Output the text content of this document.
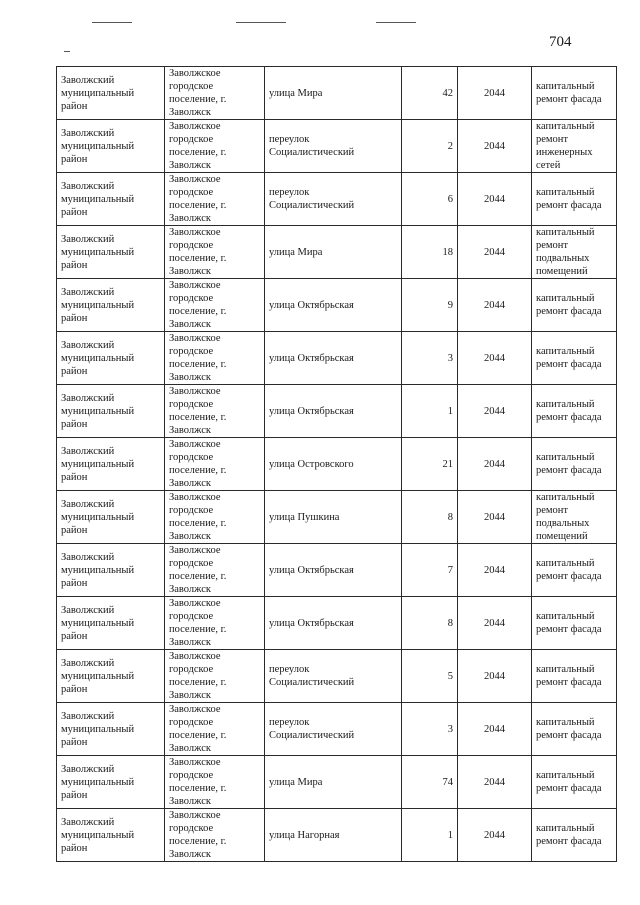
704
Заволжский муниципальный район	Заволжское городское поселение, г. Заволжск	улица Мира	42	2044	капитальный ремонт фасада
Заволжский муниципальный район	Заволжское городское поселение, г. Заволжск	переулок Социалистический	2	2044	капитальный ремонт инженерных сетей
Заволжский муниципальный район	Заволжское городское поселение, г. Заволжск	переулок Социалистический	6	2044	капитальный ремонт фасада
Заволжский муниципальный район	Заволжское городское поселение, г. Заволжск	улица Мира	18	2044	капитальный ремонт подвальных помещений
Заволжский муниципальный район	Заволжское городское поселение, г. Заволжск	улица Октябрьская	9	2044	капитальный ремонт фасада
Заволжский муниципальный район	Заволжское городское поселение, г. Заволжск	улица Октябрьская	3	2044	капитальный ремонт фасада
Заволжский муниципальный район	Заволжское городское поселение, г. Заволжск	улица Октябрьская	1	2044	капитальный ремонт фасада
Заволжский муниципальный район	Заволжское городское поселение, г. Заволжск	улица Островского	21	2044	капитальный ремонт фасада
Заволжский муниципальный район	Заволжское городское поселение, г. Заволжск	улица Пушкина	8	2044	капитальный ремонт подвальных помещений
Заволжский муниципальный район	Заволжское городское поселение, г. Заволжск	улица Октябрьская	7	2044	капитальный ремонт фасада
Заволжский муниципальный район	Заволжское городское поселение, г. Заволжск	улица Октябрьская	8	2044	капитальный ремонт фасада
Заволжский муниципальный район	Заволжское городское поселение, г. Заволжск	переулок Социалистический	5	2044	капитальный ремонт фасада
Заволжский муниципальный район	Заволжское городское поселение, г. Заволжск	переулок Социалистический	3	2044	капитальный ремонт фасада
Заволжский муниципальный район	Заволжское городское поселение, г. Заволжск	улица Мира	74	2044	капитальный ремонт фасада
Заволжский муниципальный район	Заволжское городское поселение, г. Заволжск	улица Нагорная	1	2044	капитальный ремонт фасада
